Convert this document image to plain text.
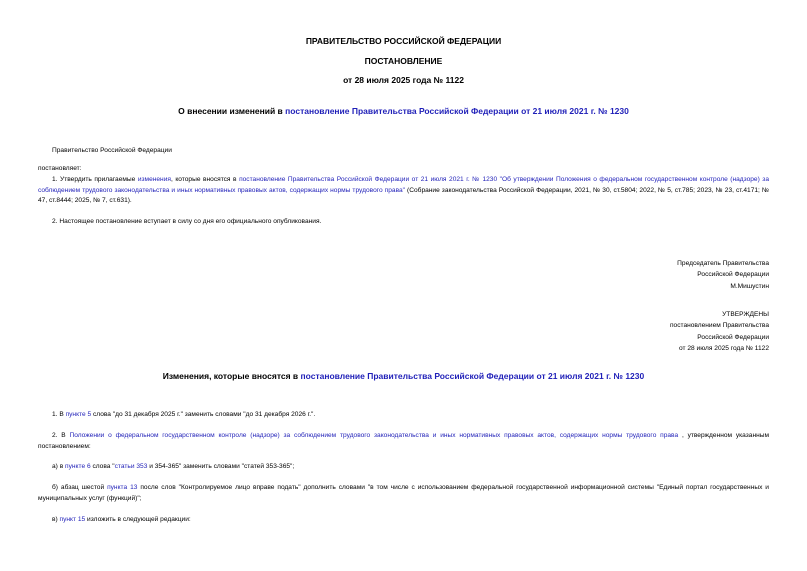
ПРАВИТЕЛЬСТВО РОССИЙСКОЙ ФЕДЕРАЦИИ
ПОСТАНОВЛЕНИЕ
от 28 июля 2025 года № 1122
О внесении изменений в постановление Правительства Российской Федерации от 21 июля 2021 г. № 1230
Правительство Российской Федерации
постановляет:
1. Утвердить прилагаемые изменения, которые вносятся в постановление Правительства Российской Федерации от 21 июля 2021 г. № 1230 "Об утверждении Положения о федеральном государственном контроле (надзоре) за соблюдением трудового законодательства и иных нормативных правовых актов, содержащих нормы трудового права" (Собрание законодательства Российской Федерации, 2021, № 30, ст.5804; 2022, № 5, ст.785; 2023, № 23, ст.4171; № 47, ст.8444; 2025, № 7, ст.631).
2. Настоящее постановление вступает в силу со дня его официального опубликования.
Председатель Правительства
Российской Федерации
М.Мишустин
УТВЕРЖДЕНЫ
постановлением Правительства
Российской Федерации
от 28 июля 2025 года № 1122
Изменения, которые вносятся в постановление Правительства Российской Федерации от 21 июля 2021 г. № 1230
1. В пункте 5 слова "до 31 декабря 2025 г." заменить словами "до 31 декабря 2026 г.".
2. В Положении о федеральном государственном контроле (надзоре) за соблюдением трудового законодательства и иных нормативных правовых актов, содержащих нормы трудового права , утвержденном указанным постановлением:
а) в пункте 6 слова "статьи 353 и 354-365" заменить словами "статей 353-365";
б) абзац шестой пункта 13 после слов "Контролируемое лицо вправе подать" дополнить словами "в том числе с использованием федеральной государственной информационной системы "Единый портал государственных и муниципальных услуг (функций)";
в) пункт 15 изложить в следующей редакции:
